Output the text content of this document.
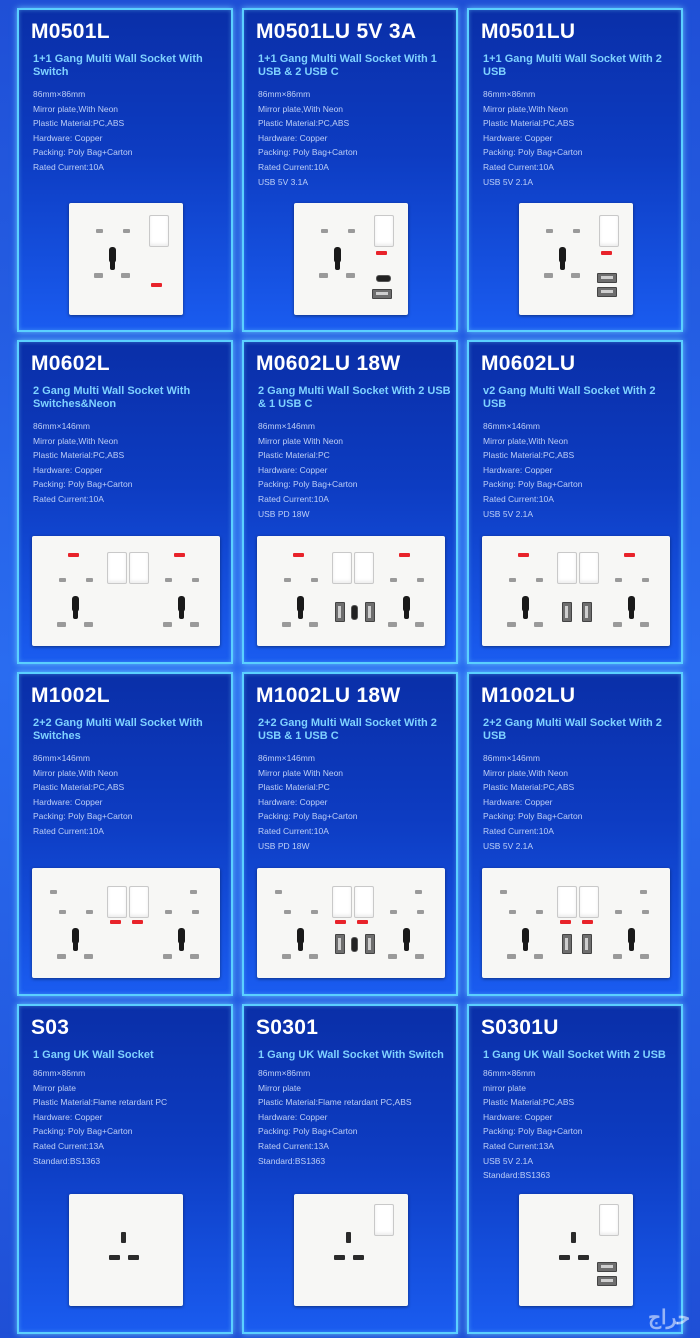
M0501L
1+1 Gang Multi Wall Socket With Switch
86mm×86mm
Mirror plate,With Neon
Plastic Material:PC,ABS
Hardware: Copper
Packing: Poly Bag+Carton
Rated Current:10A
M0501LU 5V 3A
1+1 Gang Multi Wall Socket With 1 USB & 2 USB C
86mm×86mm
Mirror plate,With Neon
Plastic Material:PC,ABS
Hardware: Copper
Packing: Poly Bag+Carton
Rated Current:10A
USB 5V 3.1A
M0501LU
1+1 Gang Multi Wall Socket With 2 USB
86mm×86mm
Mirror plate,With Neon
Plastic Material:PC,ABS
Hardware: Copper
Packing: Poly Bag+Carton
Rated Current:10A
USB 5V 2.1A
M0602L
2 Gang Multi Wall Socket With Switches&Neon
86mm×146mm
Mirror plate,With Neon
Plastic Material:PC,ABS
Hardware: Copper
Packing: Poly Bag+Carton
Rated Current:10A
M0602LU 18W
2 Gang Multi Wall Socket With 2 USB & 1 USB C
86mm×146mm
Mirror plate With Neon
Plastic Material:PC
Hardware: Copper
Packing: Poly Bag+Carton
Rated Current:10A
USB PD 18W
M0602LU
v2 Gang Multi Wall Socket With 2 USB
86mm×146mm
Mirror plate,With Neon
Plastic Material:PC,ABS
Hardware: Copper
Packing: Poly Bag+Carton
Rated Current:10A
USB 5V 2.1A
M1002L
2+2 Gang Multi Wall Socket With Switches
86mm×146mm
Mirror plate,With Neon
Plastic Material:PC,ABS
Hardware: Copper
Packing: Poly Bag+Carton
Rated Current:10A
M1002LU 18W
2+2 Gang Multi Wall Socket With 2 USB & 1 USB C
86mm×146mm
Mirror plate With Neon
Plastic Material:PC
Hardware: Copper
Packing: Poly Bag+Carton
Rated Current:10A
USB PD 18W
M1002LU
2+2 Gang Multi Wall Socket With 2 USB
86mm×146mm
Mirror plate,With Neon
Plastic Material:PC,ABS
Hardware: Copper
Packing: Poly Bag+Carton
Rated Current:10A
USB 5V 2.1A
S03
1 Gang UK Wall Socket
86mm×86mm
Mirror plate
Plastic Material:Flame retardant PC
Hardware: Copper
Packing: Poly Bag+Carton
Rated Current:13A
Standard:BS1363
S0301
1 Gang UK Wall Socket With Switch
86mm×86mm
Mirror plate
Plastic Material:Flame retardant PC,ABS
Hardware: Copper
Packing: Poly Bag+Carton
Rated Current:13A
Standard:BS1363
S0301U
1 Gang UK Wall Socket With 2 USB
86mm×86mm
mirror plate
Plastic Material:PC,ABS
Hardware: Copper
Packing: Poly Bag+Carton
Rated Current:13A
USB 5V 2.1A
Standard:BS1363
حراج
